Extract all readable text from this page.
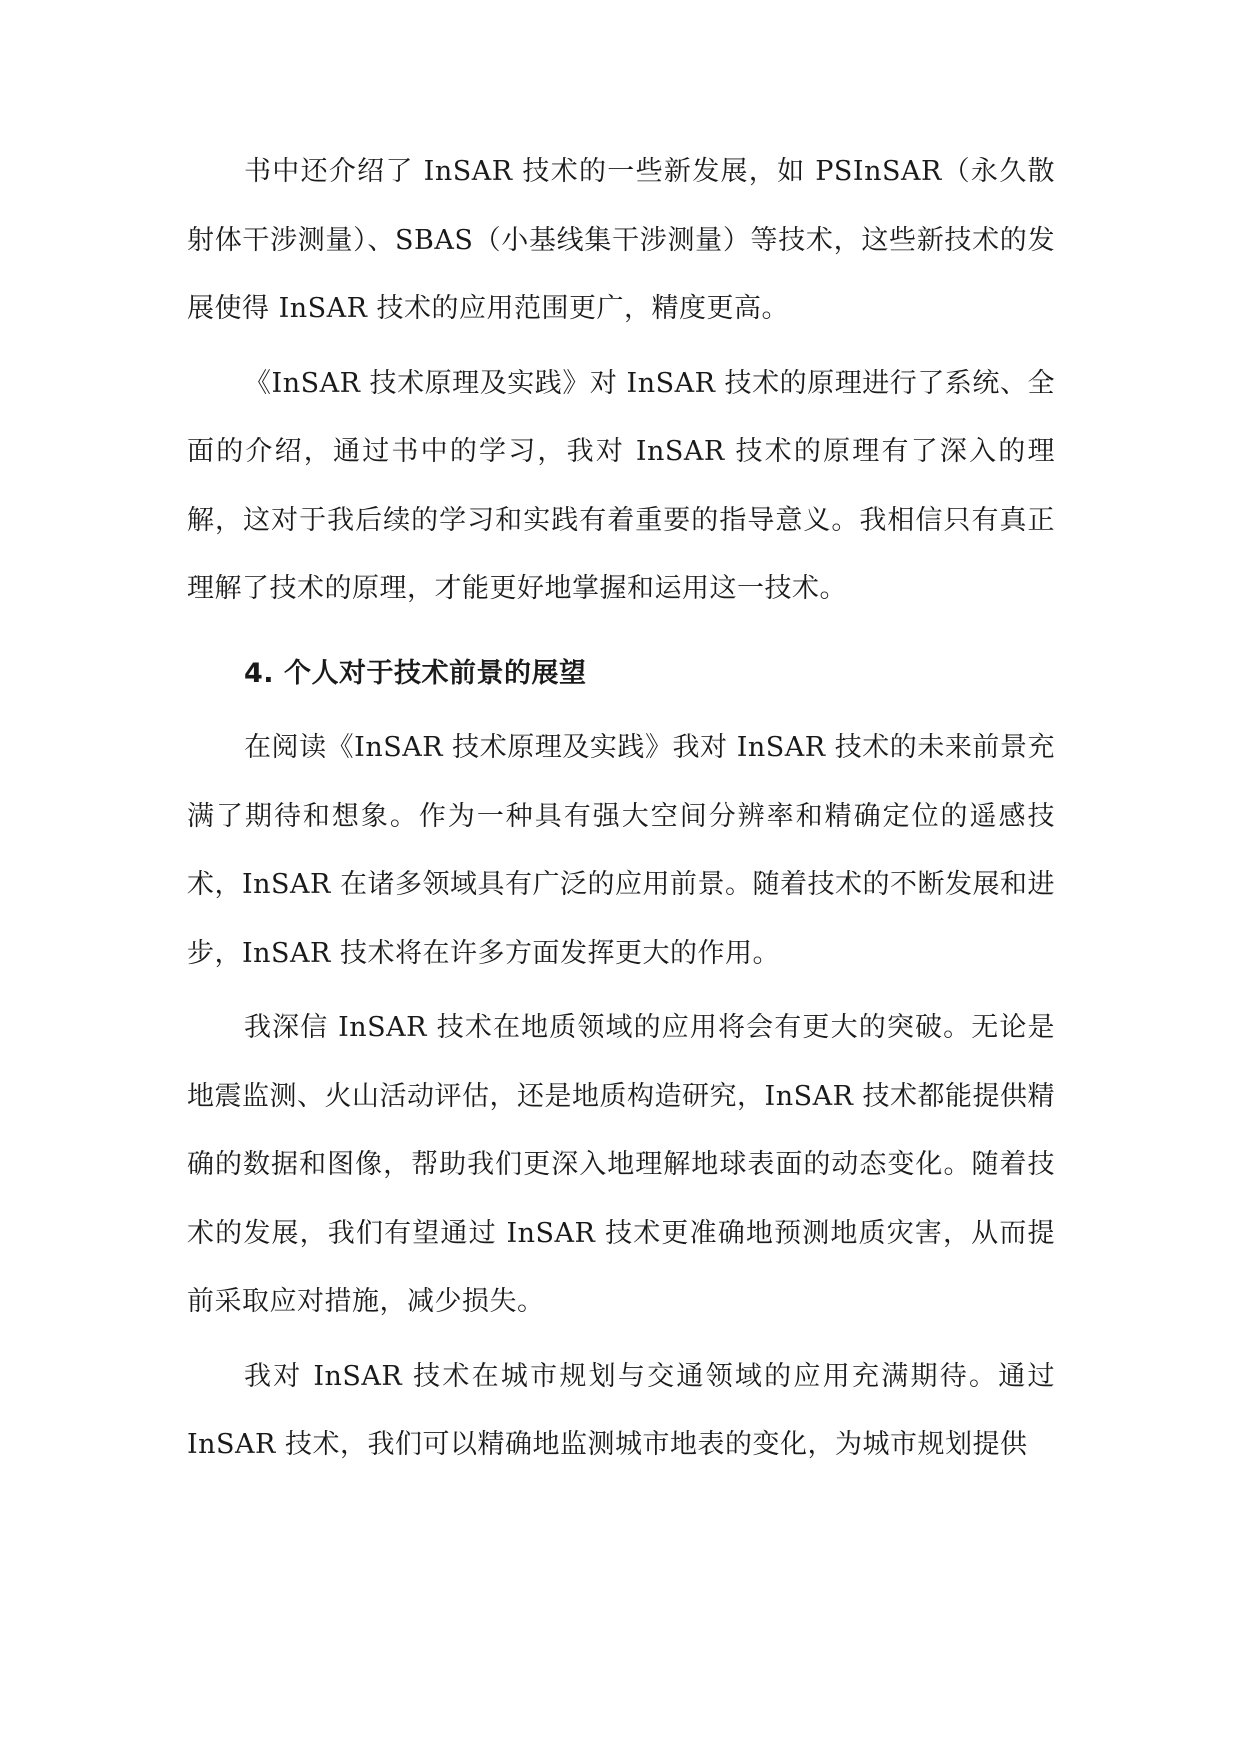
书中还介绍了 InSAR 技术的一些新发展，如 PSInSAR（永久散射体干涉测量）、SBAS（小基线集干涉测量）等技术，这些新技术的发展使得 InSAR 技术的应用范围更广，精度更高。

《InSAR 技术原理及实践》对 InSAR 技术的原理进行了系统、全面的介绍，通过书中的学习，我对 InSAR 技术的原理有了深入的理解，这对于我后续的学习和实践有着重要的指导意义。我相信只有真正理解了技术的原理，才能更好地掌握和运用这一技术。

4. 个人对于技术前景的展望

在阅读《InSAR 技术原理及实践》我对 InSAR 技术的未来前景充满了期待和想象。作为一种具有强大空间分辨率和精确定位的遥感技术，InSAR 在诸多领域具有广泛的应用前景。随着技术的不断发展和进步，InSAR 技术将在许多方面发挥更大的作用。

我深信 InSAR 技术在地质领域的应用将会有更大的突破。无论是地震监测、火山活动评估，还是地质构造研究，InSAR 技术都能提供精确的数据和图像，帮助我们更深入地理解地球表面的动态变化。随着技术的发展，我们有望通过 InSAR 技术更准确地预测地质灾害，从而提前采取应对措施，减少损失。

我对 InSAR 技术在城市规划与交通领域的应用充满期待。通过 InSAR 技术，我们可以精确地监测城市地表的变化，为城市规划提供
